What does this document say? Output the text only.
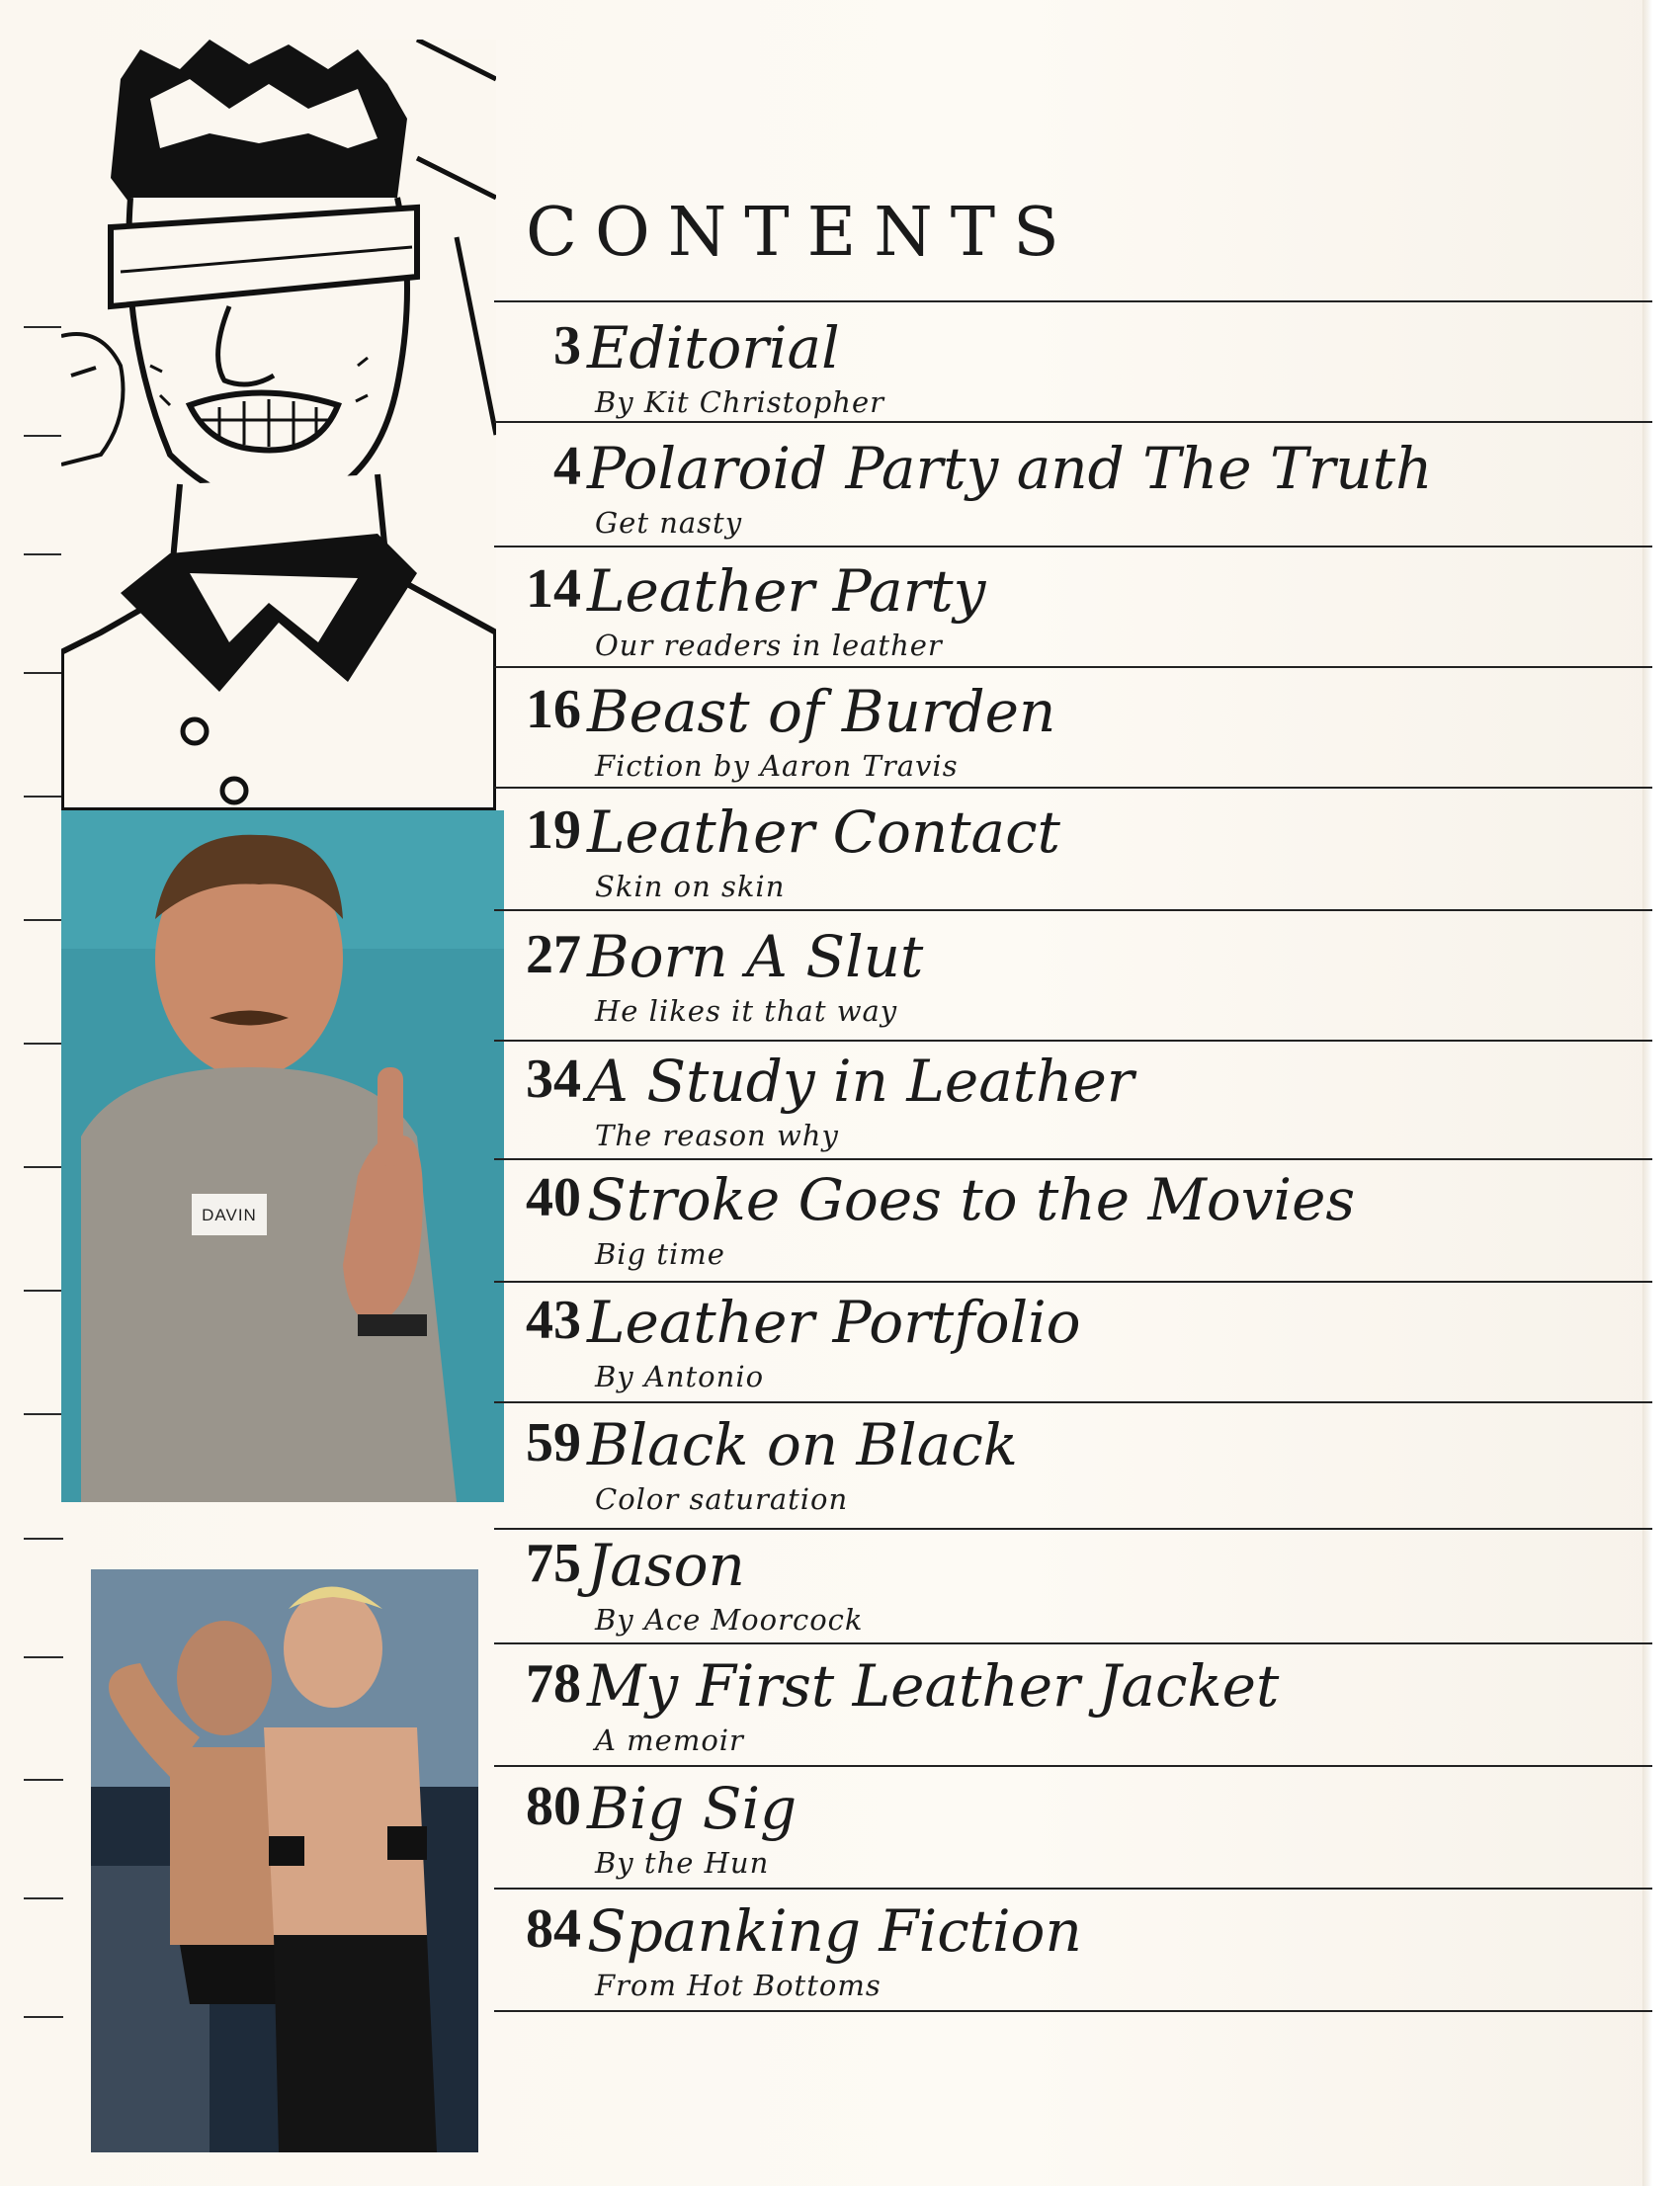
DAVIN
CONTENTS
3 Editorial
By Kit Christopher
4 Polaroid Party and The Truth
Get nasty
14 Leather Party
Our readers in leather
16 Beast of Burden
Fiction by Aaron Travis
19 Leather Contact
Skin on skin
27 Born A Slut
He likes it that way
34 A Study in Leather
The reason why
40 Stroke Goes to the Movies
Big time
43 Leather Portfolio
By Antonio
59 Black on Black
Color saturation
75 Jason
By Ace Moorcock
78 My First Leather Jacket
A memoir
80 Big Sig
By the Hun
84 Spanking Fiction
From Hot Bottoms
